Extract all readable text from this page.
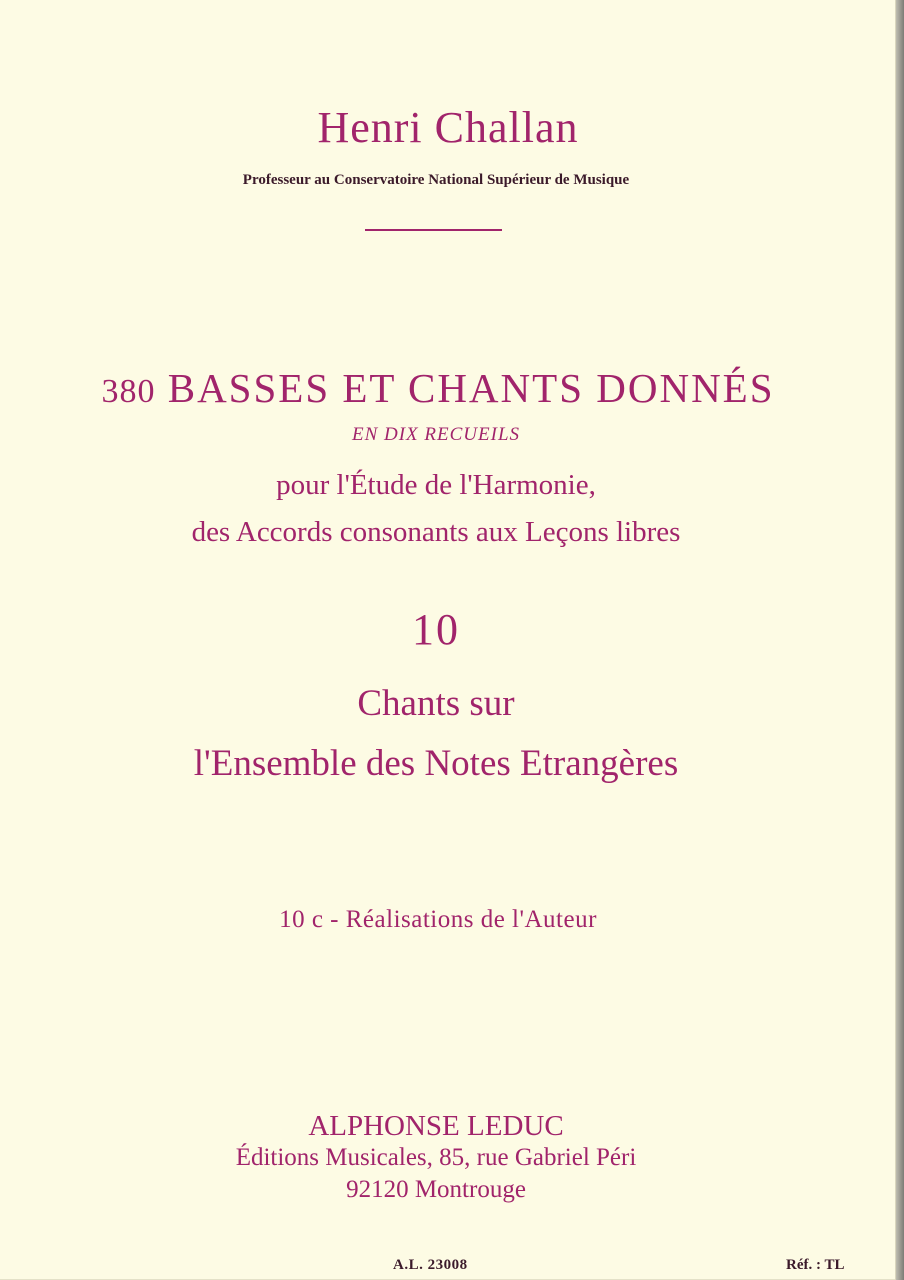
Henri Challan
Professeur au Conservatoire National Supérieur de Musique
380 BASSES ET CHANTS DONNÉS
EN DIX RECUEILS
pour l'Étude de l'Harmonie,
des Accords consonants aux Leçons libres
10
Chants sur
l'Ensemble des Notes Etrangères
10 c - Réalisations de l'Auteur
ALPHONSE LEDUC
Éditions Musicales, 85, rue Gabriel Péri
92120 Montrouge
A.L. 23008	Réf. : TL
